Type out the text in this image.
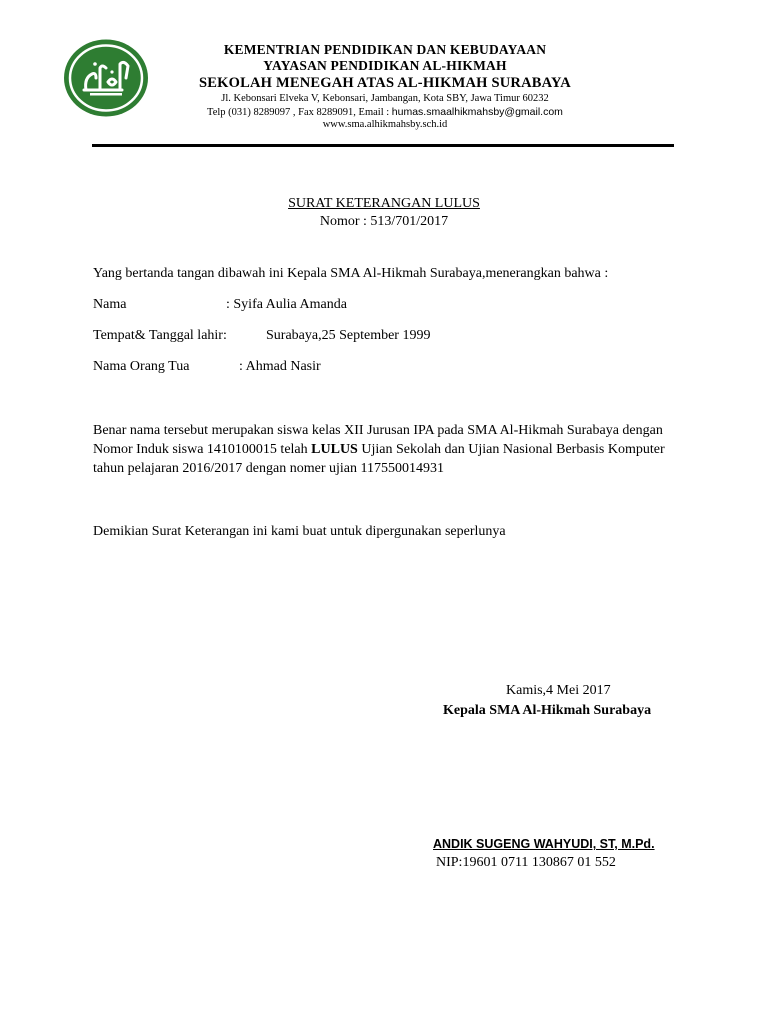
KEMENTRIAN PENDIDIKAN DAN KEBUDAYAAN
YAYASAN PENDIDIKAN AL-HIKMAH
SEKOLAH MENEGAH ATAS AL-HIKMAH SURABAYA
Jl. Kebonsari Elveka V, Kebonsari, Jambangan, Kota SBY, Jawa Timur 60232
Telp (031) 8289097 , Fax 8289091, Email : humas.smaalhikmahsby@gmail.com
www.sma.alhikmahsby.sch.id
SURAT KETERANGAN LULUS
Nomor : 513/701/2017
Yang bertanda tangan dibawah ini Kepala SMA Al-Hikmah Surabaya,menerangkan bahwa :
Nama	: Syifa Aulia Amanda
Tempat& Tanggal lahir:	Surabaya,25 September 1999
Nama Orang Tua	: Ahmad Nasir

Benar nama tersebut merupakan siswa kelas XII Jurusan IPA pada SMA Al-Hikmah Surabaya dengan Nomor Induk siswa 1410100015 telah LULUS Ujian Sekolah dan Ujian Nasional Berbasis Komputer tahun pelajaran 2016/2017 dengan nomer ujian 117550014931

Demikian Surat Keterangan ini kami buat untuk dipergunakan seperlunya
Kamis,4 Mei 2017
Kepala SMA Al-Hikmah Surabaya
ANDIK SUGENG WAHYUDI, ST, M.Pd.
NIP:19601 0711 130867 01 552
